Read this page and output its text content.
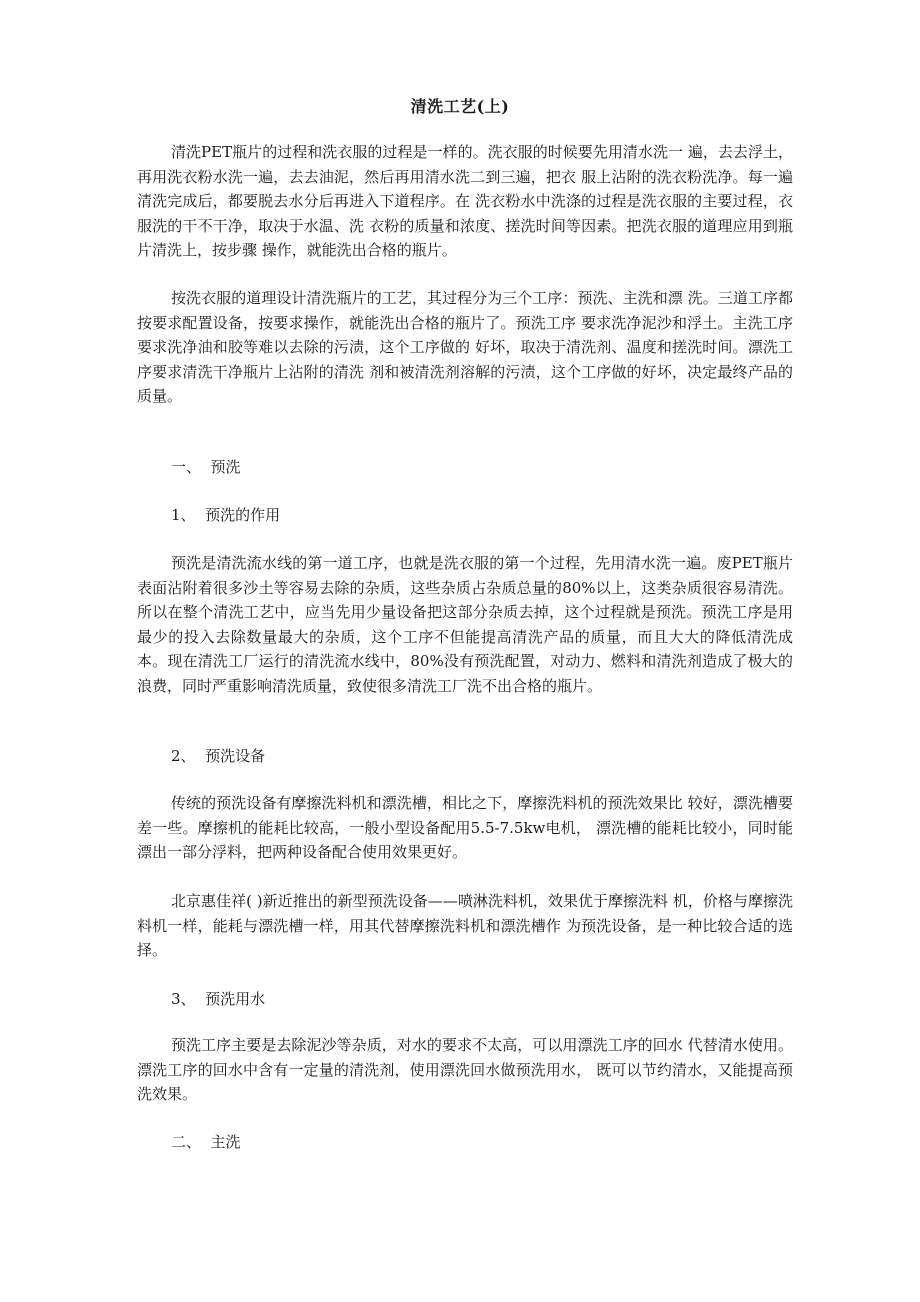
清洗工艺(上)

清洗PET瓶片的过程和洗衣服的过程是一样的。洗衣服的时候要先用清水洗一 遍，去去浮土，再用洗衣粉水洗一遍，去去油泥，然后再用清水洗二到三遍，把衣 服上沾附的洗衣粉洗净。每一遍清洗完成后，都要脱去水分后再进入下道程序。在 洗衣粉水中洗涤的过程是洗衣服的主要过程，衣服洗的干不干净，取决于水温、洗 衣粉的质量和浓度、搓洗时间等因素。把洗衣服的道理应用到瓶片清洗上，按步骤 操作，就能洗出合格的瓶片。

按洗衣服的道理设计清洗瓶片的工艺，其过程分为三个工序：预洗、主洗和漂 洗。三道工序都按要求配置设备，按要求操作，就能洗出合格的瓶片了。预洗工序 要求洗净泥沙和浮土。主洗工序要求洗净油和胶等难以去除的污渍，这个工序做的 好坏，取决于清洗剂、温度和搓洗时间。漂洗工序要求清洗干净瓶片上沾附的清洗 剂和被清洗剂溶解的污渍，这个工序做的好坏，决定最终产品的质量。

一、  预洗
1、  预洗的作用

预洗是清洗流水线的第一道工序，也就是洗衣服的第一个过程，先用清水洗一遍。废PET瓶片表面沾附着很多沙土等容易去除的杂质，这些杂质占杂质总量的80%以上，这类杂质很容易清洗。所以在整个清洗工艺中，应当先用少量设备把这部分杂质去掉，这个过程就是预洗。预洗工序是用最少的投入去除数量最大的杂质，这个工序不但能提高清洗产品的质量，而且大大的降低清洗成本。现在清洗工厂运行的清洗流水线中，80%没有预洗配置，对动力、燃料和清洗剂造成了极大的浪费，同时严重影响清洗质量，致使很多清洗工厂洗不出合格的瓶片。

2、  预洗设备

传统的预洗设备有摩擦洗料机和漂洗槽，相比之下，摩擦洗料机的预洗效果比 较好，漂洗槽要差一些。摩擦机的能耗比较高，一般小型设备配用5.5-7.5kw电机， 漂洗槽的能耗比较小，同时能漂出一部分浮料，把两种设备配合使用效果更好。

北京惠佳祥( )新近推出的新型预洗设备——喷淋洗料机，效果优于摩擦洗料 机，价格与摩擦洗料机一样，能耗与漂洗槽一样，用其代替摩擦洗料机和漂洗槽作 为预洗设备，是一种比较合适的选择。

3、  预洗用水

预洗工序主要是去除泥沙等杂质，对水的要求不太高，可以用漂洗工序的回水 代替清水使用。漂洗工序的回水中含有一定量的清洗剂，使用漂洗回水做预洗用水， 既可以节约清水，又能提高预洗效果。

二、  主洗
